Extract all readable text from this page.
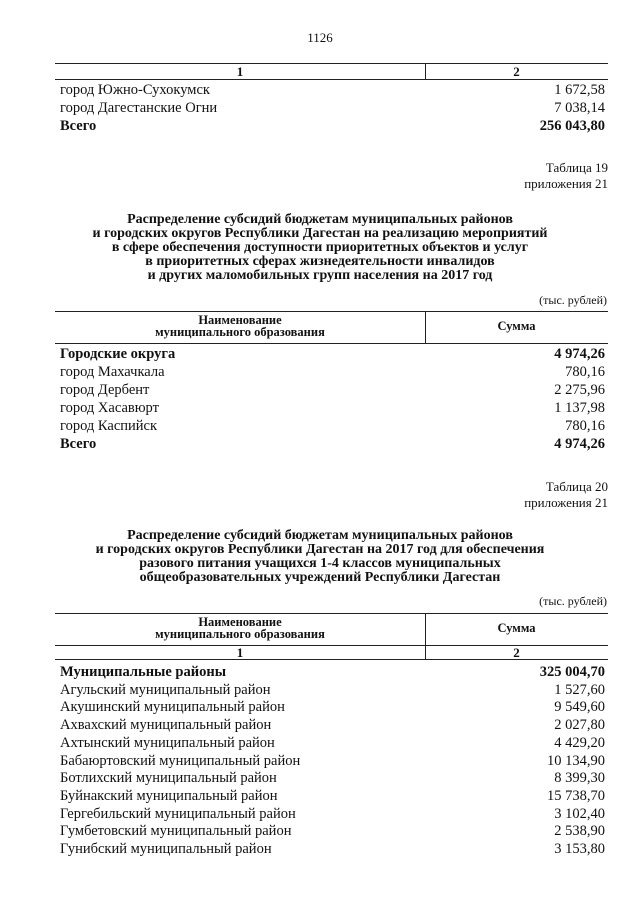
1126
1	2
город Южно-Сухокумск	1 672,58
город Дагестанские Огни	7 038,14
Всего	256 043,80
Таблица 19
приложения 21
Распределение субсидий бюджетам муниципальных районов
и городских округов Республики Дагестан на реализацию мероприятий
в сфере обеспечения доступности приоритетных объектов и услуг
в приоритетных сферах жизнедеятельности инвалидов
и других маломобильных групп населения на 2017 год
(тыс. рублей)
Наименование
муниципального образования	Сумма
Городские округа	4 974,26
город Махачкала	780,16
город Дербент	2 275,96
город Хасавюрт	1 137,98
город Каспийск	780,16
Всего	4 974,26
Таблица 20
приложения 21
Распределение субсидий бюджетам муниципальных районов
и городских округов Республики Дагестан на 2017 год для обеспечения
разового питания учащихся 1-4 классов муниципальных
общеобразовательных учреждений Республики Дагестан
(тыс. рублей)
Наименование
муниципального образования	Сумма
1	2
Муниципальные районы	325 004,70
Агульский муниципальный район	1 527,60
Акушинский муниципальный район	9 549,60
Ахвахский муниципальный район	2 027,80
Ахтынский муниципальный район	4 429,20
Бабаюртовский муниципальный район	10 134,90
Ботлихский муниципальный район	8 399,30
Буйнакский муниципальный район	15 738,70
Гергебильский муниципальный район	3 102,40
Гумбетовский муниципальный район	2 538,90
Гунибский муниципальный район	3 153,80
